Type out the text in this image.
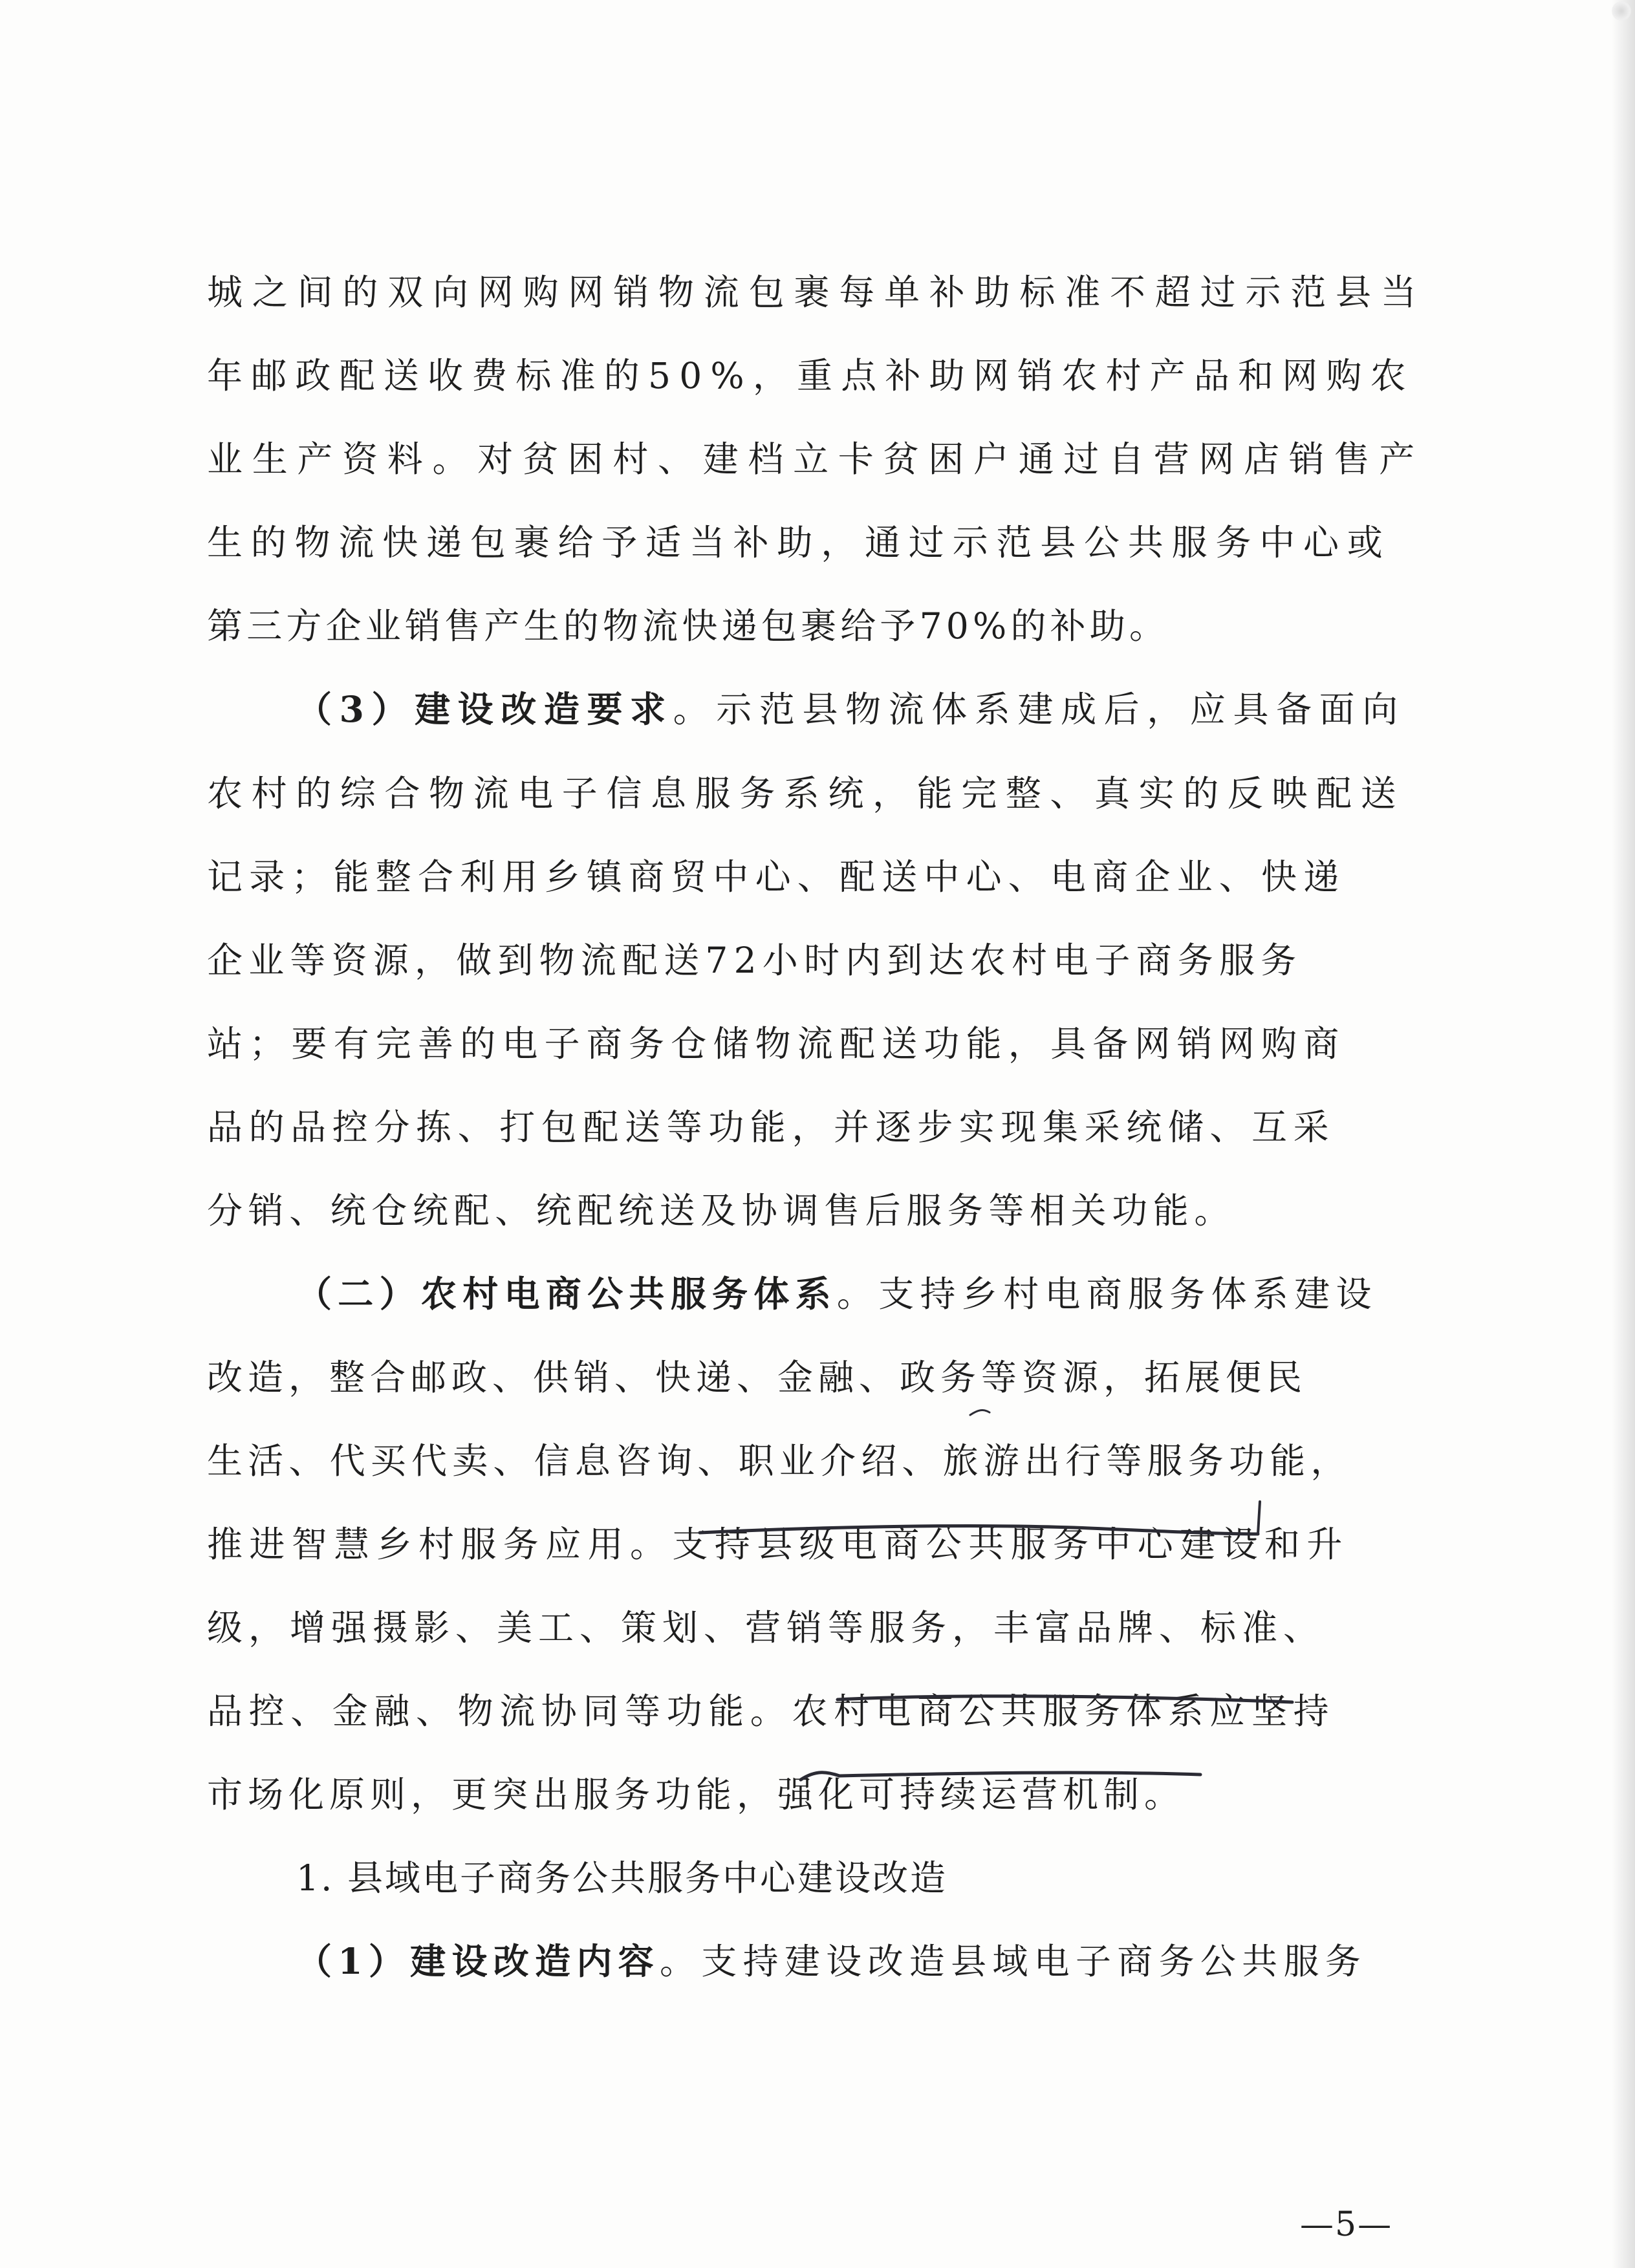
城之间的双向网购网销物流包裹每单补助标准不超过示范县当
年邮政配送收费标准的50%，重点补助网销农村产品和网购农
业生产资料。对贫困村、建档立卡贫困户通过自营网店销售产
生的物流快递包裹给予适当补助，通过示范县公共服务中心或
第三方企业销售产生的物流快递包裹给予70%的补助。
（3）建设改造要求。示范县物流体系建成后，应具备面向
农村的综合物流电子信息服务系统，能完整、真实的反映配送
记录；能整合利用乡镇商贸中心、配送中心、电商企业、快递
企业等资源，做到物流配送72小时内到达农村电子商务服务
站；要有完善的电子商务仓储物流配送功能，具备网销网购商
品的品控分拣、打包配送等功能，并逐步实现集采统储、互采
分销、统仓统配、统配统送及协调售后服务等相关功能。
（二）农村电商公共服务体系。支持乡村电商服务体系建设
改造，整合邮政、供销、快递、金融、政务等资源，拓展便民
生活、代买代卖、信息咨询、职业介绍、旅游出行等服务功能，
推进智慧乡村服务应用。支持县级电商公共服务中心建设和升
级，增强摄影、美工、策划、营销等服务，丰富品牌、标准、
品控、金融、物流协同等功能。农村电商公共服务体系应坚持
市场化原则，更突出服务功能，强化可持续运营机制。
1. 县域电子商务公共服务中心建设改造
（1）建设改造内容。支持建设改造县域电子商务公共服务
—5—
